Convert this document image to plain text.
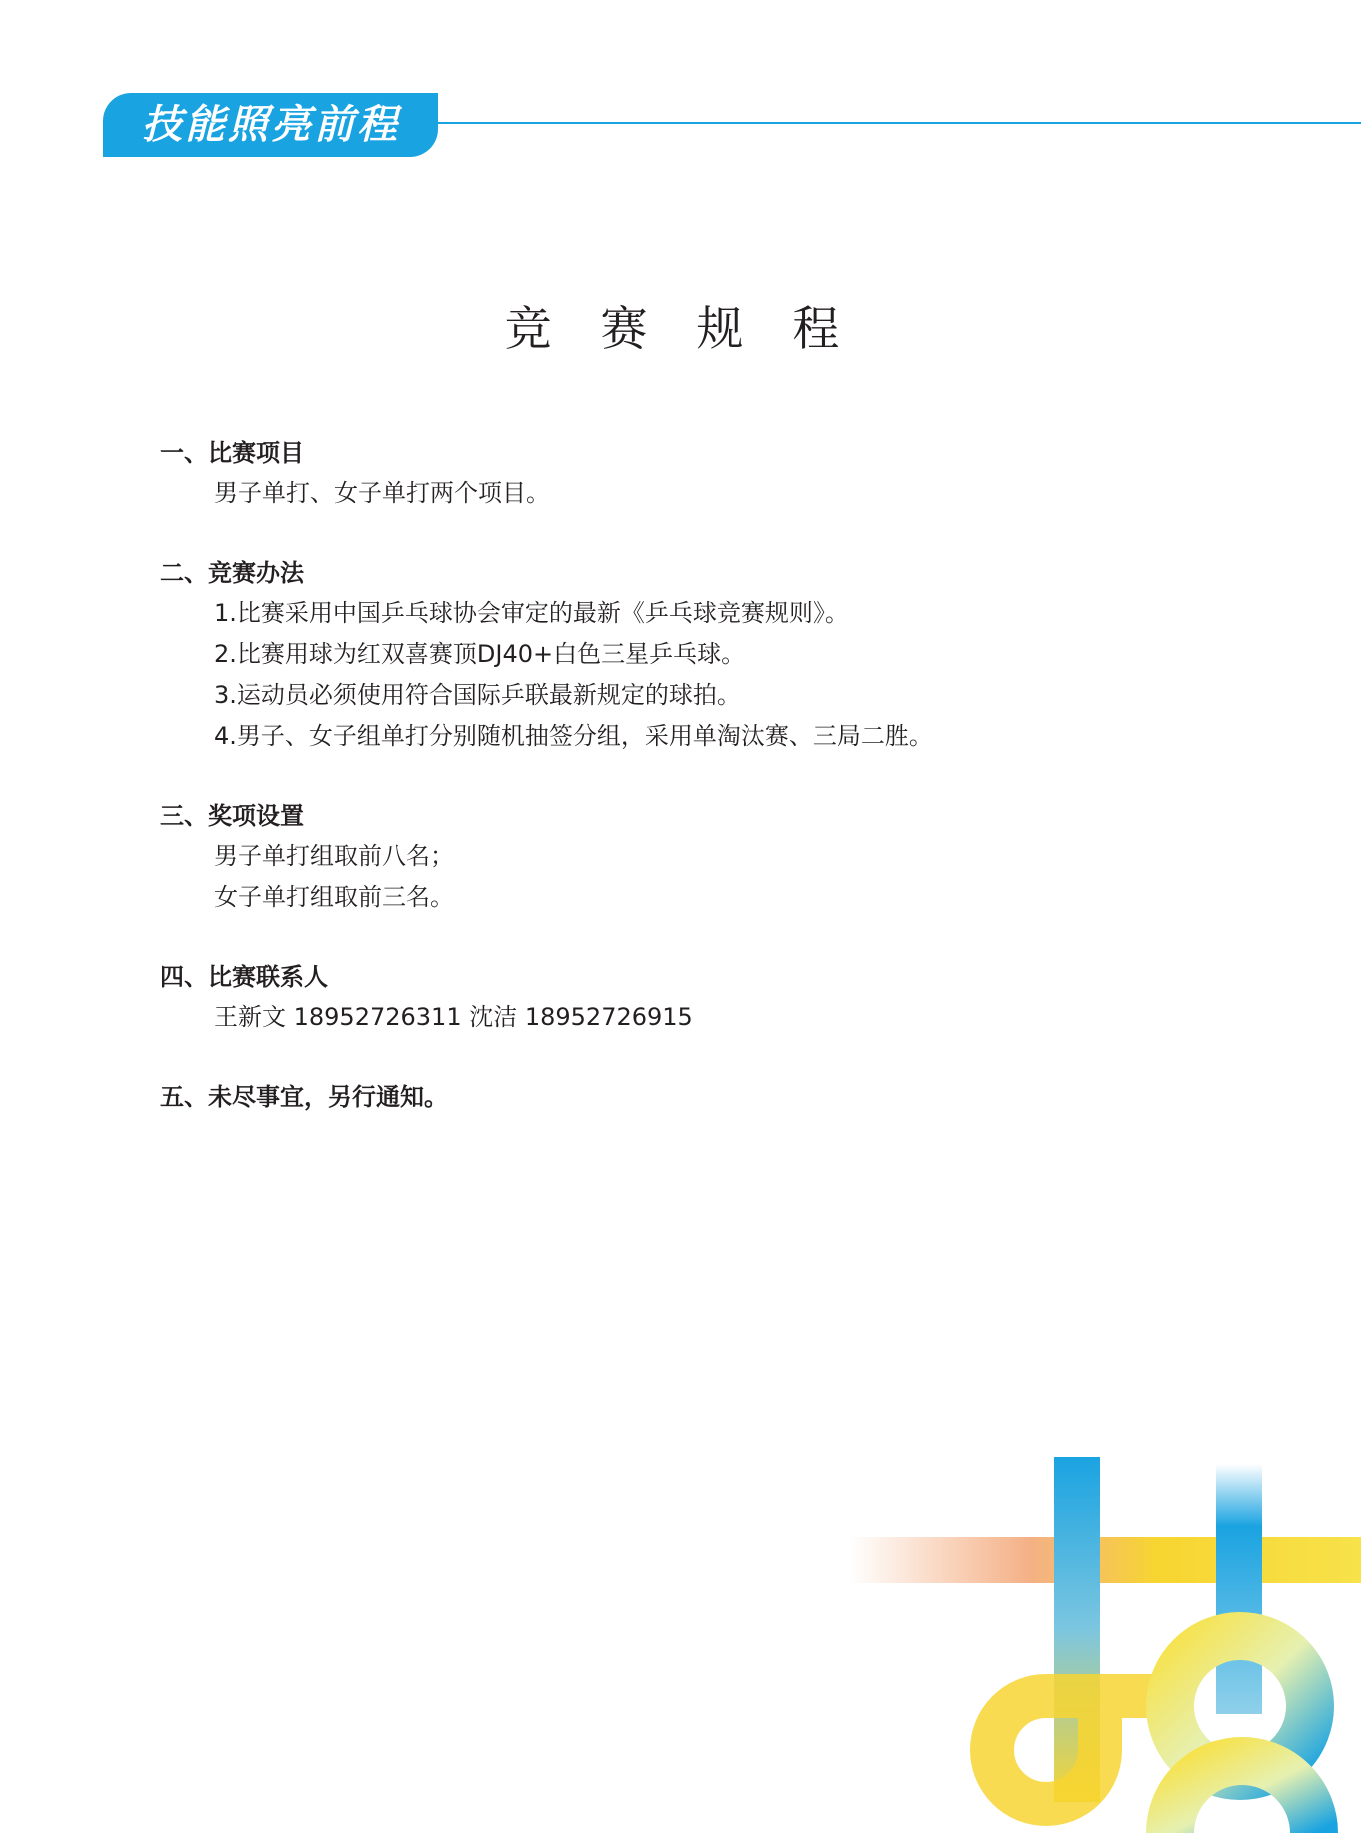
技能照亮前程
竞 赛 规 程
一、比赛项目
男子单打、女子单打两个项目。
二、竞赛办法
1.比赛采用中国乒乓球协会审定的最新《乒乓球竞赛规则》。
2.比赛用球为红双喜赛顶DJ40+白色三星乒乓球。
3.运动员必须使用符合国际乒联最新规定的球拍。
4.男子、女子组单打分别随机抽签分组，采用单淘汰赛、三局二胜。
三、奖项设置
男子单打组取前八名；
女子单打组取前三名。
四、比赛联系人
王新文 18952726311 沈洁 18952726915
五、未尽事宜，另行通知。
